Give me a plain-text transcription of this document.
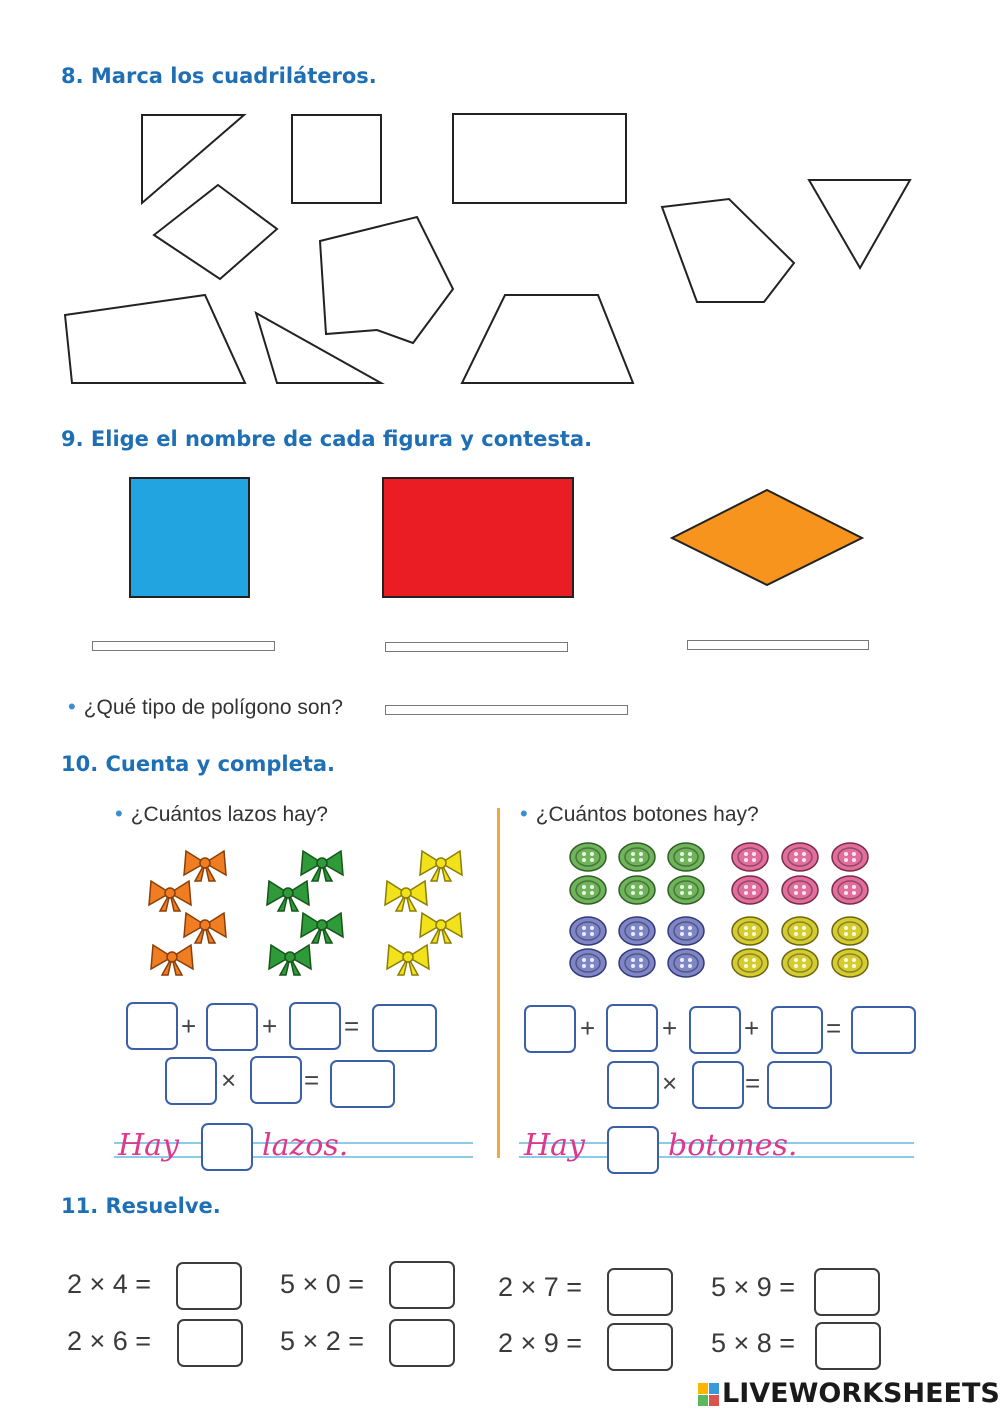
8. Marca los cuadriláteros.
9. Elige el nombre de cada figura y contesta.
• ¿Qué tipo de polígono son?
10. Cuenta y completa.
• ¿Cuántos lazos hay?	• ¿Cuántos botones hay?
+	+	=
×	=
+	+	+	=
×	=
Hay	lazos.	Hay	botones.
11. Resuelve.
2 × 4 =	5 × 0 =	2 × 7 =	5 × 9 =
2 × 6 =	5 × 2 =	2 × 9 =	5 × 8 =
LIVEWORKSHEETS
